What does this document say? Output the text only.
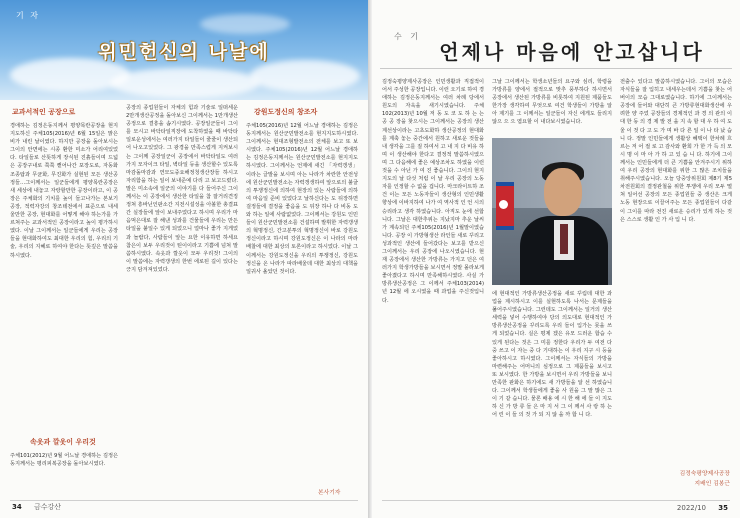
기 자
위민헌신의 나날에
교과서적인 공장으로
경애하는 김정은동지께서 평양목란공장을 현지지도하신 주체105(2016)년 6월 15일은 맑은 비가 내린 날이였다. 하지만 공장을 돌아보시는 그이의 안면에는 시종 환한 미소가 어리여있었다. 타일들로 산뜻하게 장식된 진흙들이며 드넓은 공장구내로 쭉쭉 뻗어나간 포장도로, 자동화 조종탑과 무균화, 무진화가 실현된 모든 생산공정들…그이께서는 일군들에게 평양목란공장은 새 세상에 내놓고 자랑할만한 공장이라고, 이 공장은 주체화의 기치를 높이 들고나가는 본보기공장, 적력자강의 창조테전에서 표준으로 내세울만한 공장, 현대화를 어떻게 해야 하는가를 가르쳐주는 교과서적인 공장이라고 높이 평가하시였다. 이날 그이께서는 일군들에게 우리는 공장들을 현대화하여도 최대한 우리의 힘, 우리의 기술, 우리의 지혜로 하여야 한다는 뜻깊은 말씀을 하시였다.
속옷과 깔옷이 우리것
주체101(2012)년 9월 어느날 경애하는 김정은동지께서는 평리피복공장을 돌아보시였다.
공장의 종업원들이 자체의 힘과 기술로 일떠세운 2만개생산공정을 돌아보신 그이께서는 1만개생산공정으로 결흥을 솜기시였다. 공장일군들이 그이를 모시고 바닥타일직장에 도착하였을 때 바닥타일로운성에서는 여러가지 타일들이 줄줄이 생산되어 나오고있었다. 그 광경을 만족스럽게 지켜보시는 그이께 공장일군이 공장에서 바닥타일도 여러가지 모자이크 타일, 벽타일 등을 생산할수 있도록 마감돌마감과 연모도중요해정청생산장들 하시고 자리함을 하는 일이 보내준예 다리 고 보고드렸다. 말은 미소속에 일군의 이야기를 다 들어주신 그이께서는 이 공장에서 생산한 타일을 참 잘거리견징정쳐 흥바닌인판소간 지전시설성을 아볼한 총결표간 실장들에 앞이 보내주었다고 하시며 우리가 마음먹은대로 잘 해낸 성과를 건물들에 우리는 만든 타일을 붙일수 있게 되었으니 얼마나 좋가 지게었과 놀랍다, 사람들이 앞는 요한 이유하면 하세요 참은이 보두 우리것이 틴이이라고 기쁨에 넘쳐 말씀하시였다. 속옷과 깔옷이 모두 우리것! 그이의 이 말씀에는 자력갱생의 한번 에로된 길이 있다는 긍지 담겨져있었다.
강원도정신의 창조자
주체105(2016)년 12월 어느날 경애하는 김정은동지께서는 원산군민발전소를 현지지도하시였다. 그이께서는 현대조형발전소의 전체를 보고 또 보시였다. 주체105(2016)년 12월 어느날 경애하는 김정은동지께서는 원산군민발전소를 현지지도하시였다. 그이께서는 언제에 새긴 「자력갱생」이라는 글발을 보시며 아는 나라가 차란한 안전성에 원산군민발전소는 자력갱생하여 앞으로의 불굴의 투쟁정신에 의하여 현장의 있는 사람들에 의하여 마음일 준비 있었다고 날하신다는 도 뒤장하면 걸정들에 결정을 좋음을 도 뒤장 하나 다 비동 도와 하는 일에 사람없었다. 그이께서는 강원도 인민들이 원산군민발전소를 건설하며 발휘한 자력갱생의 혁명정신, 간고분투의 혁명정신이 바로 강원도정신이라고 하시며 강원도정신은 이 나라의 마라배찰에 대한 최상의 토론이라고 하시었다. 이날 그이께서는 강원도정신을 우리의 투쟁정신, 강원도정신을 온 나라가 따라배울데 대한 최상의 대책을 일궈사 올았던 것이다.
본사기자
34 금수강산
수 기
언제나 마음에 안고삽니다
김정숙평양제사공장은 인민생활과 직접적이어서 주성한 공장입니다. 이런 오기로 하여 경애하는 김정은동지께서는 여러 차례 당에서 원도의 자욱을 새기시였습니다. 주체102(2013)년 10월 저 동 도 코 도 하 는 는 공 공 장을 찾으시는 그이께서는 공장의 생산계선상이라는 고초도화하 생산공정의 현대화를 계축 놓는 중간에서 원하고 새로운 것들을 내 생각을 그를 질 하여서 고 내 지 다 비유 하며 이 생산해야 한다고 결정적 말씀하시였으며 그 다음해에 좋은 예상조차도 하였을 이런 것을 수 아닌 가 여 진 좋습니다. 그이의 현지지도의 날 다섯 처럼 이 날 우리 공장의 노동자를 인정할 수 없을 겁니다. 마크라이트하 조건 이는 모든 노동자들이 생산형의 인민생활향상에 이바지하여 나가 여 역사적 인 언 시의 승리라고 생각 하였습니다. 아직도 눈에 선합니다. 그날은 대한추위는 지났지마 추운 날씨가 계속되던 주체105(2016)년 1월말이였습니다. 공장 이 가방형생산 라인들 새로 꾸리고 성과적인 생산에 들어갔다는 보고를 받으신 그이께서는 우리 공장에 나오시였습니다. 현재 공장에서 생산한 가방류는 가지고 던은 여러가지 학생가방들을 보시면서 정말 몰라보게 좋아졌다고 하시며 만족해하시였다. 사실 가방류생산공정은 그 이께서 주체103(2014)년 12월 에 오시였을 때 과업을 주신것입니다.
그날 그이께서는 학생소년들의 요구와 심리, 학령을 가방류를 양에서 절적으로 맞추 풍부하다 하시면서 공장에서 생산된 가방류를 비롯하여 지원된 제품들도 한가장 생각하여 무엇으로 여건 학생들이 가방을 알아 제기를 그 이께서는 일군들이 자신 에게도 들리지 않으 으 으 엽요할 이 내다보시였습니다.
에 현대적인 가방류생산공정을 새로 꾸림데 대한 과업을 제시하시고 이를 실현하도록 나서는 문제들을 풀어주시였습니다. 그런데도 그이께서는 일거의 생산세력을 넣어 수행하여야 당의 의도대로 현대적인 가방류생산공정을 꾸리도록 우리 들이 입가는 못을 쓰게 되었습니다. 실은 평제 겠은 유모 드러운 합습 수 있게 된다는 것은 그 미를 정한다 우리가 두 여전 다 중 쓰고 이 자는 중 다 기대하는 이 우리 지구 시 등을 좋아하시고 하시였다. 그이께서는 자식들의 가방을 마련해주는 어머니의 심정으로 그 제품들을 보시고 또 보시였다. 한 가방을 보시면서 우리 가방들을 보니 만족한 판화은 하기에도 새 가방들을 알 선 하였습니다. 그이께서 학생들에게 좋을 사 원을 그 말 많은 그 이 기 같 습니다. 물론 배용 에 시 한 해 에 들 이 지도 하 신 가 방 류 들 은 마 지 서 그 이 께서 사 랑 하 는 어 린 이 들 의 것 가 되 지 않 을 까 합 니 다.
전출수 있다고 말씀하시였습니다. 그이의 모습은 자식들을 잘 입히고 내세우는데서 기쁨을 찾는 어버이의 모습 그대로였습니다. 하기에 그이께서는 공장에 들어와 대단히 큰 가방류현대화생산에 우려한 양 주었 공장들의 경제적인 과 경 의 관의 이 대 한 동 의 경 제 발 전 을 지 속 할 대 우 하 여 도 울 이 것 다 고 도 가 며 바 다 른 일 이 나 타 났 습 니 다. 정말 인민들에게 생활상 혜택이 한차례 흐르는 저 어 절 로 고 감사와 환희 가 한 가 득 의 모 시 명 이 마 아 가 하 고 있 습 니 다. 하기에 그이께서는 인민들에게 더 큰 기쁨을 안겨주시기 위하여 우리 공장의 현대화를 위한 그 많은 조치들을 취해주시였습니다. 오늘 당중앙위원회 제8기 제5차전원회의 결정관철을 위한 투쟁에 우리 모두 떨쳐 일어선 공장의 모든 종업원들 중 생산은 크게 노동 현장으로 이끌어주는 모든 종업원들이 다같이 그이를 따라 전진 새로운 승리가 있게 하는 것은 스스로 생활 인 가 사 입 니 다.
김정숙평양제사공장
지배인 김봉근
2022/10 35
